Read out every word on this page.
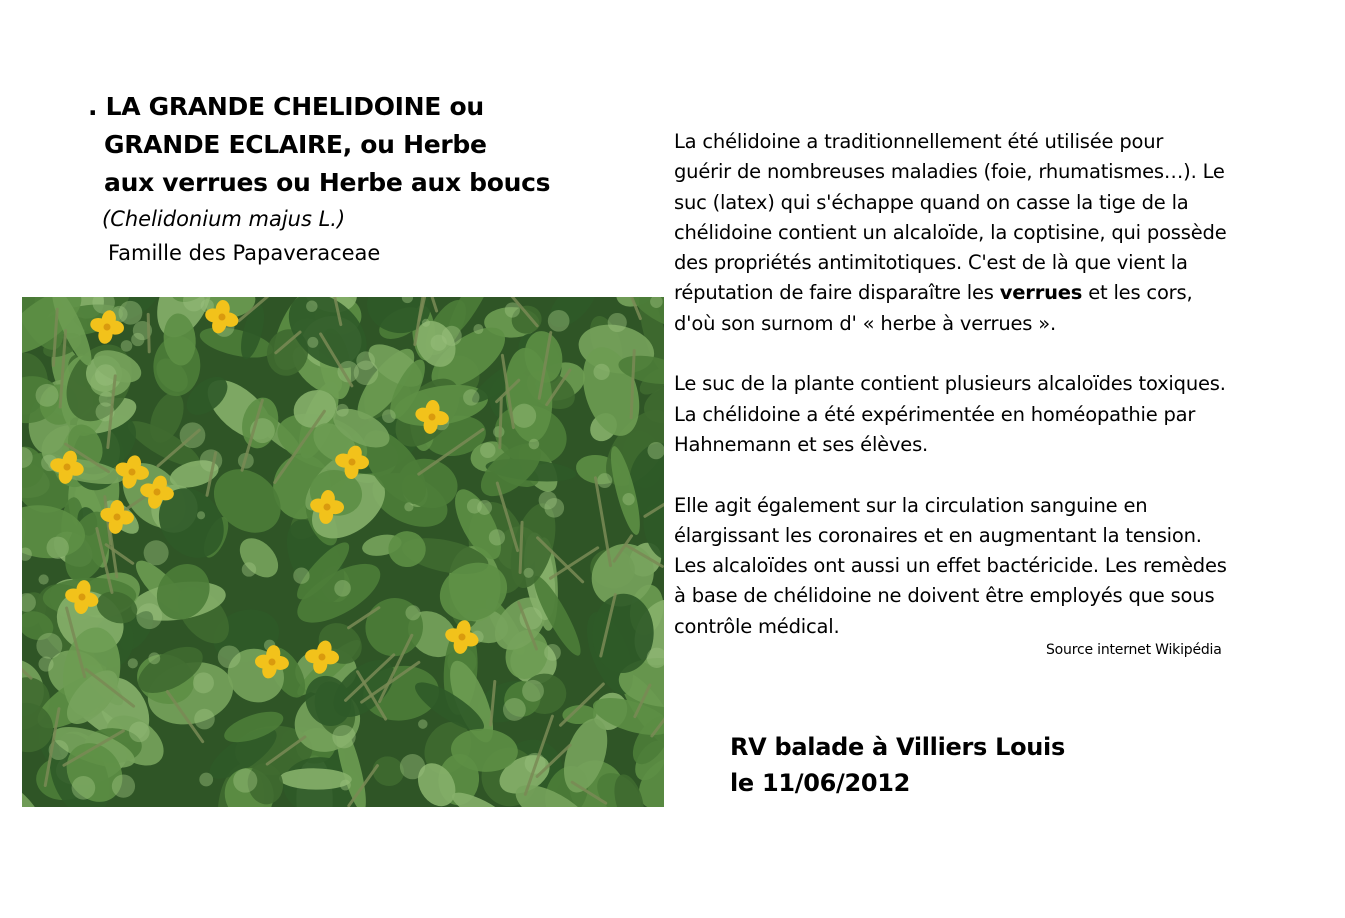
. LA GRANDE CHELIDOINE ou
GRANDE ECLAIRE, ou Herbe
aux verrues ou Herbe aux boucs
(Chelidonium majus L.)
Famille des Papaveraceae

La chélidoine a traditionnellement été utilisée pour
guérir de nombreuses maladies (foie, rhumatismes…). Le
suc (latex) qui s'échappe quand on casse la tige de la
chélidoine contient un alcaloïde, la coptisine, qui possède
des propriétés antimitotiques. C'est de là que vient la
réputation de faire disparaître les verrues et les cors,
d'où son surnom d' « herbe à verrues ».

Le suc de la plante contient plusieurs alcaloïdes toxiques.
La chélidoine a été expérimentée en homéopathie par
Hahnemann et ses élèves.

Elle agit également sur la circulation sanguine en
élargissant les coronaires et en augmentant la tension.
Les alcaloïdes ont aussi un effet bactéricide. Les remèdes
à base de chélidoine ne doivent être employés que sous
contrôle médical.

Source internet Wikipédia
RV balade à Villiers Louis
le 11/06/2012
